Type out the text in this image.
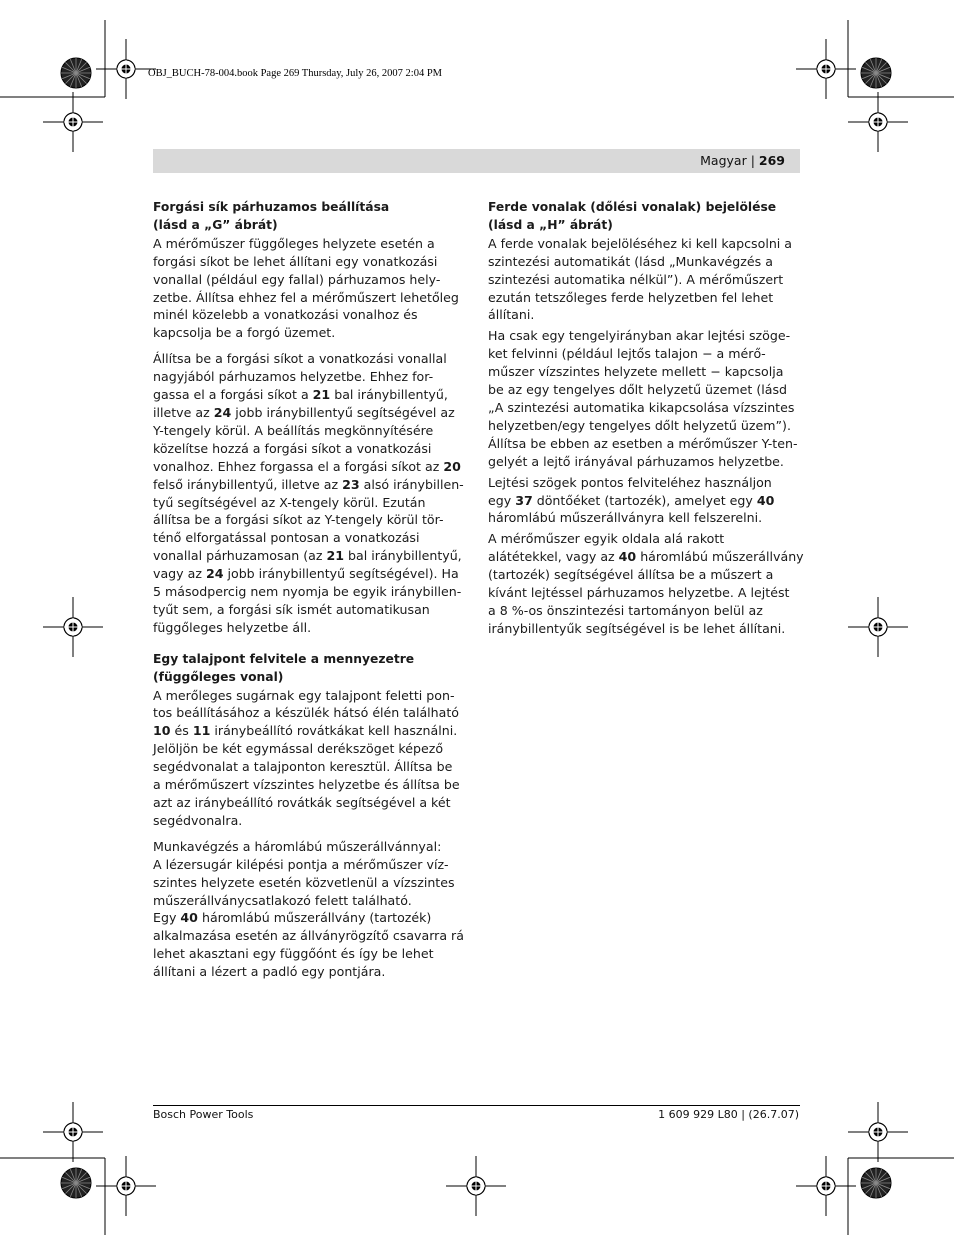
OBJ_BUCH-78-004.book Page 269 Thursday, July 26, 2007 2:04 PM
Magyar | 269
Forgási sík párhuzamos beállítása
(lásd a „G” ábrát)
A mérőműszer függőleges helyzete esetén a
forgási síkot be lehet állítani egy vonatkozási
vonallal (például egy fallal) párhuzamos hely-
zetbe. Állítsa ehhez fel a mérőműszert lehetőleg
minél közelebb a vonatkozási vonalhoz és
kapcsolja be a forgó üzemet.
Állítsa be a forgási síkot a vonatkozási vonallal
nagyjából párhuzamos helyzetbe. Ehhez for-
gassa el a forgási síkot a 21 bal iránybillentyű,
illetve az 24 jobb iránybillentyű segítségével az
Y-tengely körül. A beállítás megkönnyítésére
közelítse hozzá a forgási síkot a vonatkozási
vonalhoz. Ehhez forgassa el a forgási síkot az 20
felső iránybillentyű, illetve az 23 alsó iránybillen-
tyű segítségével az X-tengely körül. Ezután
állítsa be a forgási síkot az Y-tengely körül tör-
ténő elforgatással pontosan a vonatkozási
vonallal párhuzamosan (az 21 bal iránybillentyű,
vagy az 24 jobb iránybillentyű segítségével). Ha
5 másodpercig nem nyomja be egyik iránybillen-
tyűt sem, a forgási sík ismét automatikusan
függőleges helyzetbe áll.
Egy talajpont felvitele a mennyezetre
(függőleges vonal)
A merőleges sugárnak egy talajpont feletti pon-
tos beállításához a készülék hátsó élén található
10 és 11 iránybeállító rovátkákat kell használni.
Jelöljön be két egymással derékszöget képező
segédvonalat a talajponton keresztül. Állítsa be
a mérőműszert vízszintes helyzetbe és állítsa be
azt az iránybeállító rovátkák segítségével a két
segédvonalra.
Munkavégzés a háromlábú műszerállvánnyal:
A lézersugár kilépési pontja a mérőműszer víz-
szintes helyzete esetén közvetlenül a vízszintes
műszerállványcsatlakozó felett található.
Egy 40 háromlábú műszerállvány (tartozék)
alkalmazása esetén az állványrögzítő csavarra rá
lehet akasztani egy függőónt és így be lehet
állítani a lézert a padló egy pontjára.
Ferde vonalak (dőlési vonalak) bejelölése
(lásd a „H” ábrát)
A ferde vonalak bejelöléséhez ki kell kapcsolni a
szintezési automatikát (lásd „Munkavégzés a
szintezési automatika nélkül”). A mérőműszert
ezután tetszőleges ferde helyzetben fel lehet
állítani.
Ha csak egy tengelyirányban akar lejtési szöge-
ket felvinni (például lejtős talajon − a mérő-
műszer vízszintes helyzete mellett − kapcsolja
be az egy tengelyes dőlt helyzetű üzemet (lásd
„A szintezési automatika kikapcsolása vízszintes
helyzetben/egy tengelyes dőlt helyzetű üzem”).
Állítsa be ebben az esetben a mérőműszer Y-ten-
gelyét a lejtő irányával párhuzamos helyzetbe.
Lejtési szögek pontos felviteléhez használjon
egy 37 döntőéket (tartozék), amelyet egy 40
háromlábú műszerállványra kell felszerelni.
A mérőműszer egyik oldala alá rakott
alátétekkel, vagy az 40 háromlábú műszerállvány
(tartozék) segítségével állítsa be a műszert a
kívánt lejtéssel párhuzamos helyzetbe. A lejtést
a 8 %-os önszintezési tartományon belül az
iránybillentyűk segítségével is be lehet állítani.
Bosch Power Tools	1 609 929 L80 | (26.7.07)
